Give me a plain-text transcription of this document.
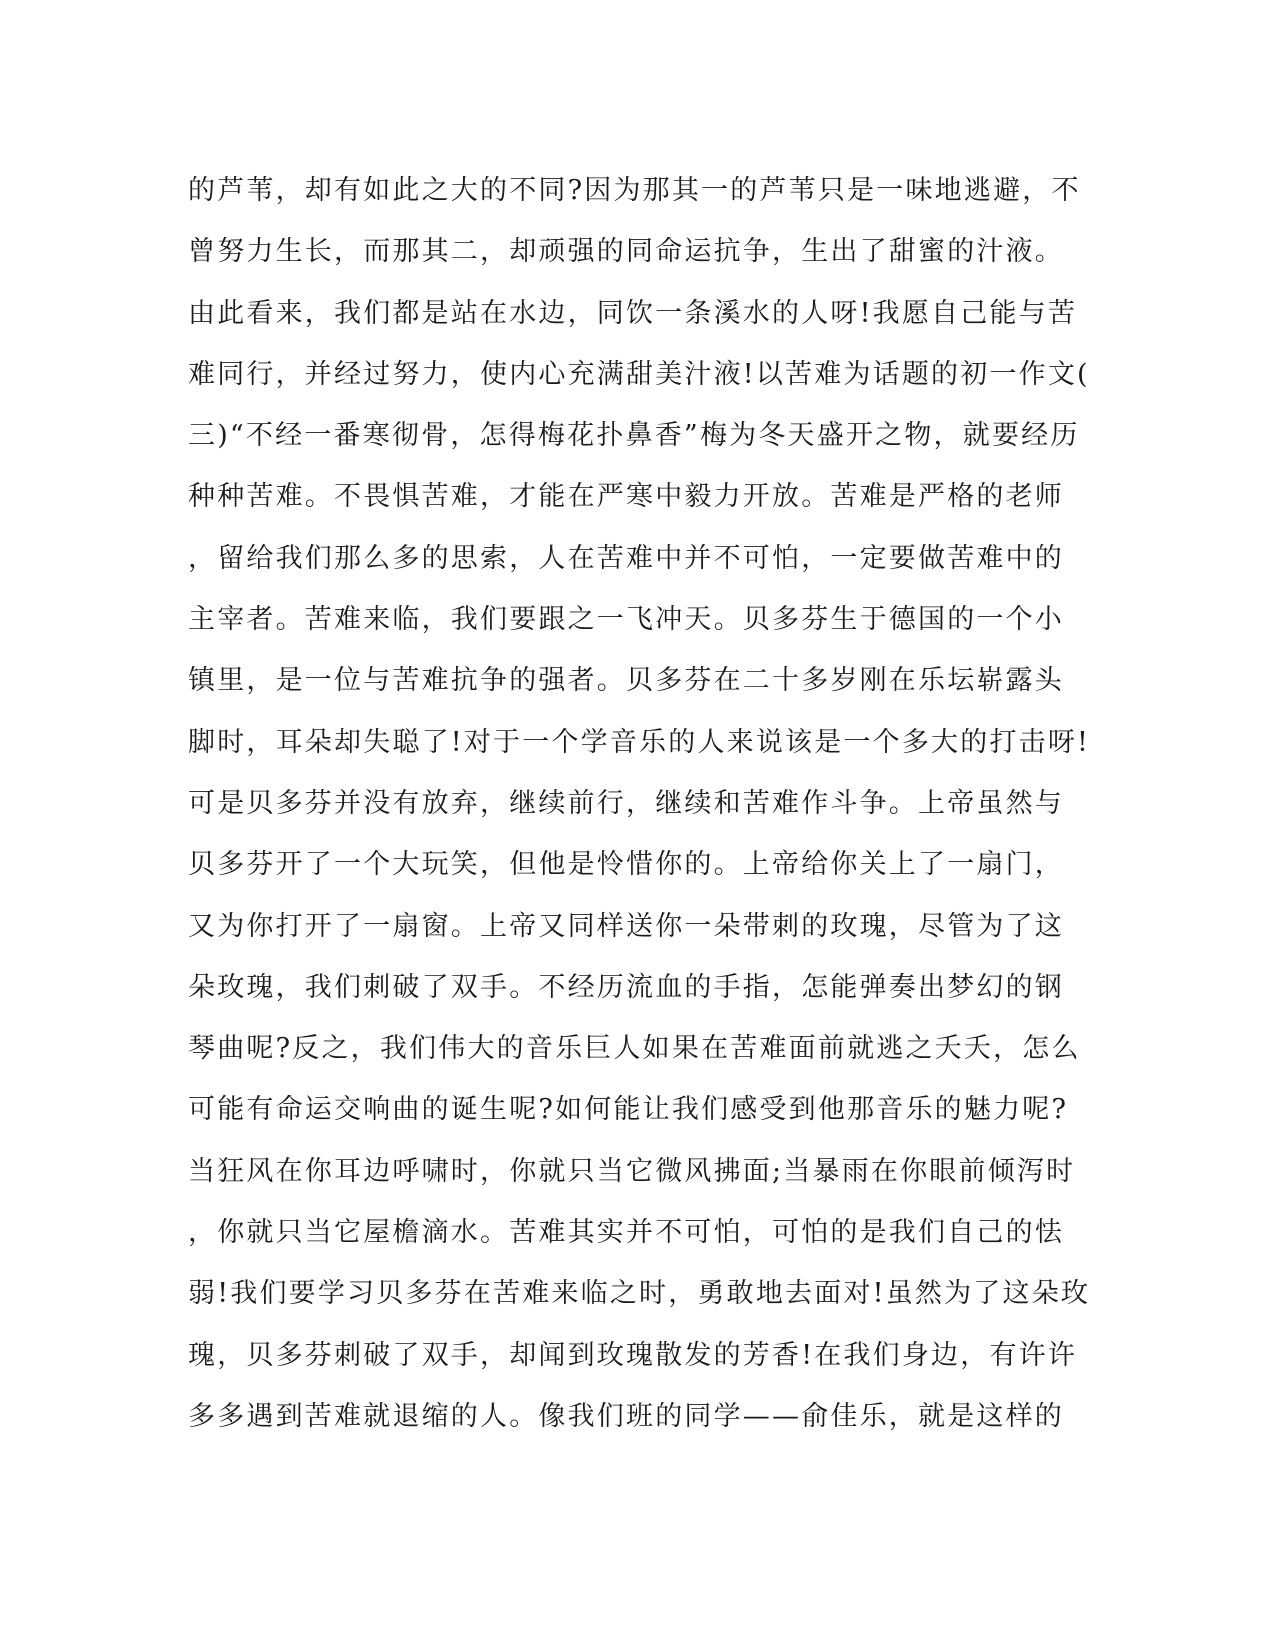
的芦苇，却有如此之大的不同?因为那其一的芦苇只是一味地逃避，不
曾努力生长，而那其二，却顽强的同命运抗争，生出了甜蜜的汁液。
由此看来，我们都是站在水边，同饮一条溪水的人呀!我愿自己能与苦
难同行，并经过努力，使内心充满甜美汁液!以苦难为话题的初一作文(
三)“不经一番寒彻骨，怎得梅花扑鼻香”梅为冬天盛开之物，就要经历
种种苦难。不畏惧苦难，才能在严寒中毅力开放。苦难是严格的老师
，留给我们那么多的思索，人在苦难中并不可怕，一定要做苦难中的
主宰者。苦难来临，我们要跟之一飞冲天。贝多芬生于德国的一个小
镇里，是一位与苦难抗争的强者。贝多芬在二十多岁刚在乐坛崭露头
脚时，耳朵却失聪了!对于一个学音乐的人来说该是一个多大的打击呀!
可是贝多芬并没有放弃，继续前行，继续和苦难作斗争。上帝虽然与
贝多芬开了一个大玩笑，但他是怜惜你的。上帝给你关上了一扇门，
又为你打开了一扇窗。上帝又同样送你一朵带刺的玫瑰，尽管为了这
朵玫瑰，我们刺破了双手。不经历流血的手指，怎能弹奏出梦幻的钢
琴曲呢?反之，我们伟大的音乐巨人如果在苦难面前就逃之夭夭，怎么
可能有命运交响曲的诞生呢?如何能让我们感受到他那音乐的魅力呢?
当狂风在你耳边呼啸时，你就只当它微风拂面;当暴雨在你眼前倾泻时
，你就只当它屋檐滴水。苦难其实并不可怕，可怕的是我们自己的怯
弱!我们要学习贝多芬在苦难来临之时，勇敢地去面对!虽然为了这朵玫
瑰，贝多芬刺破了双手，却闻到玫瑰散发的芳香!在我们身边，有许许
多多遇到苦难就退缩的人。像我们班的同学——俞佳乐，就是这样的
